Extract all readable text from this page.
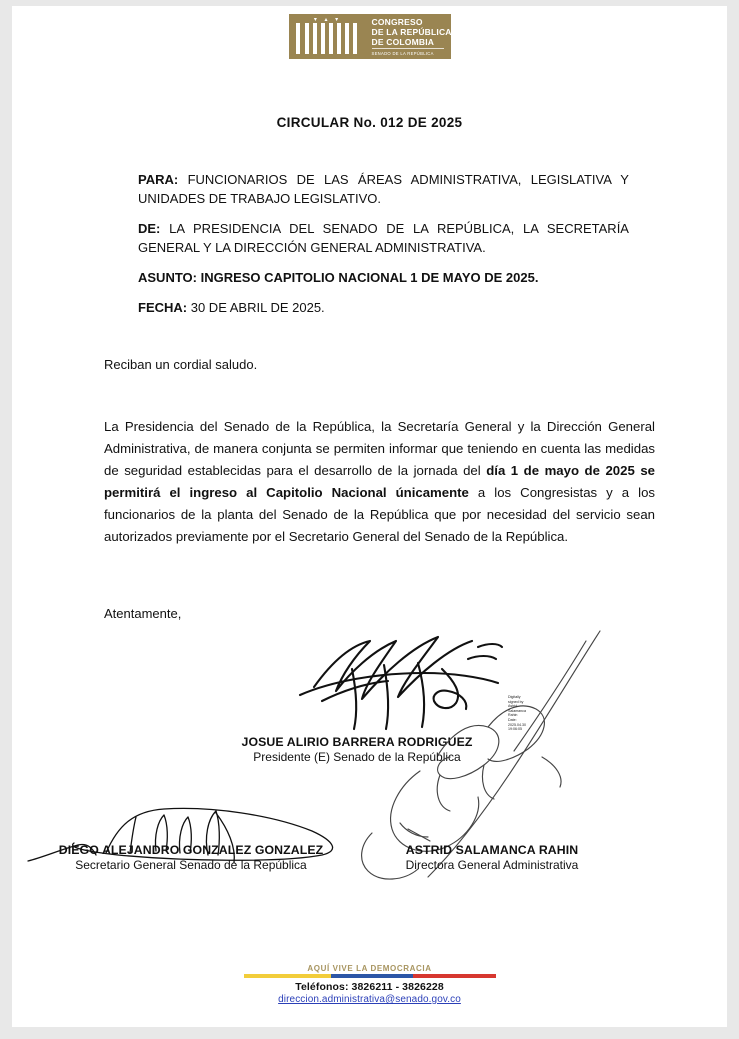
▾ ▴ ▾	CONGRESO
DE LA REPÚBLICA
DE COLOMBIA
SENADO DE LA REPÚBLICA
CIRCULAR No. 012 DE 2025

PARA: FUNCIONARIOS DE LAS ÁREAS ADMINISTRATIVA, LEGISLATIVA Y UNIDADES DE TRABAJO LEGISLATIVO.

DE: LA PRESIDENCIA DEL SENADO DE LA REPÚBLICA, LA SECRETARÍA GENERAL Y LA DIRECCIÓN GENERAL ADMINISTRATIVA.

ASUNTO: INGRESO CAPITOLIO NACIONAL 1 DE MAYO DE 2025.

FECHA: 30 DE ABRIL DE 2025.

Reciban un cordial saludo.
La Presidencia del Senado de la República, la Secretaría General y la Dirección General Administrativa, de manera conjunta se permiten informar que teniendo en cuenta las medidas de seguridad establecidas para el desarrollo de la jornada del día 1 de mayo de 2025 se permitirá el ingreso al Capitolio Nacional únicamente a los Congresistas y a los funcionarios de la planta del Senado de la República que por necesidad del servicio sean autorizados previamente por el Secretario General del Senado de la República.
Atentamente,
JOSUE ALIRIO BARRERA RODRIGUEZ
Presidente (E) Senado de la República
DIEGO ALEJANDRO GONZALEZ GONZALEZ
Secretario General Senado de la República
Digitally
signed by
Astrid
Salamanca
Rahin
Date:
2025.04.30
19:06:05
ASTRID SALAMANCA RAHIN
Directora General Administrativa
AQUÍ VIVE LA DEMOCRACIA
Teléfonos: 3826211 - 3826228
direccion.administrativa@senado.gov.co
